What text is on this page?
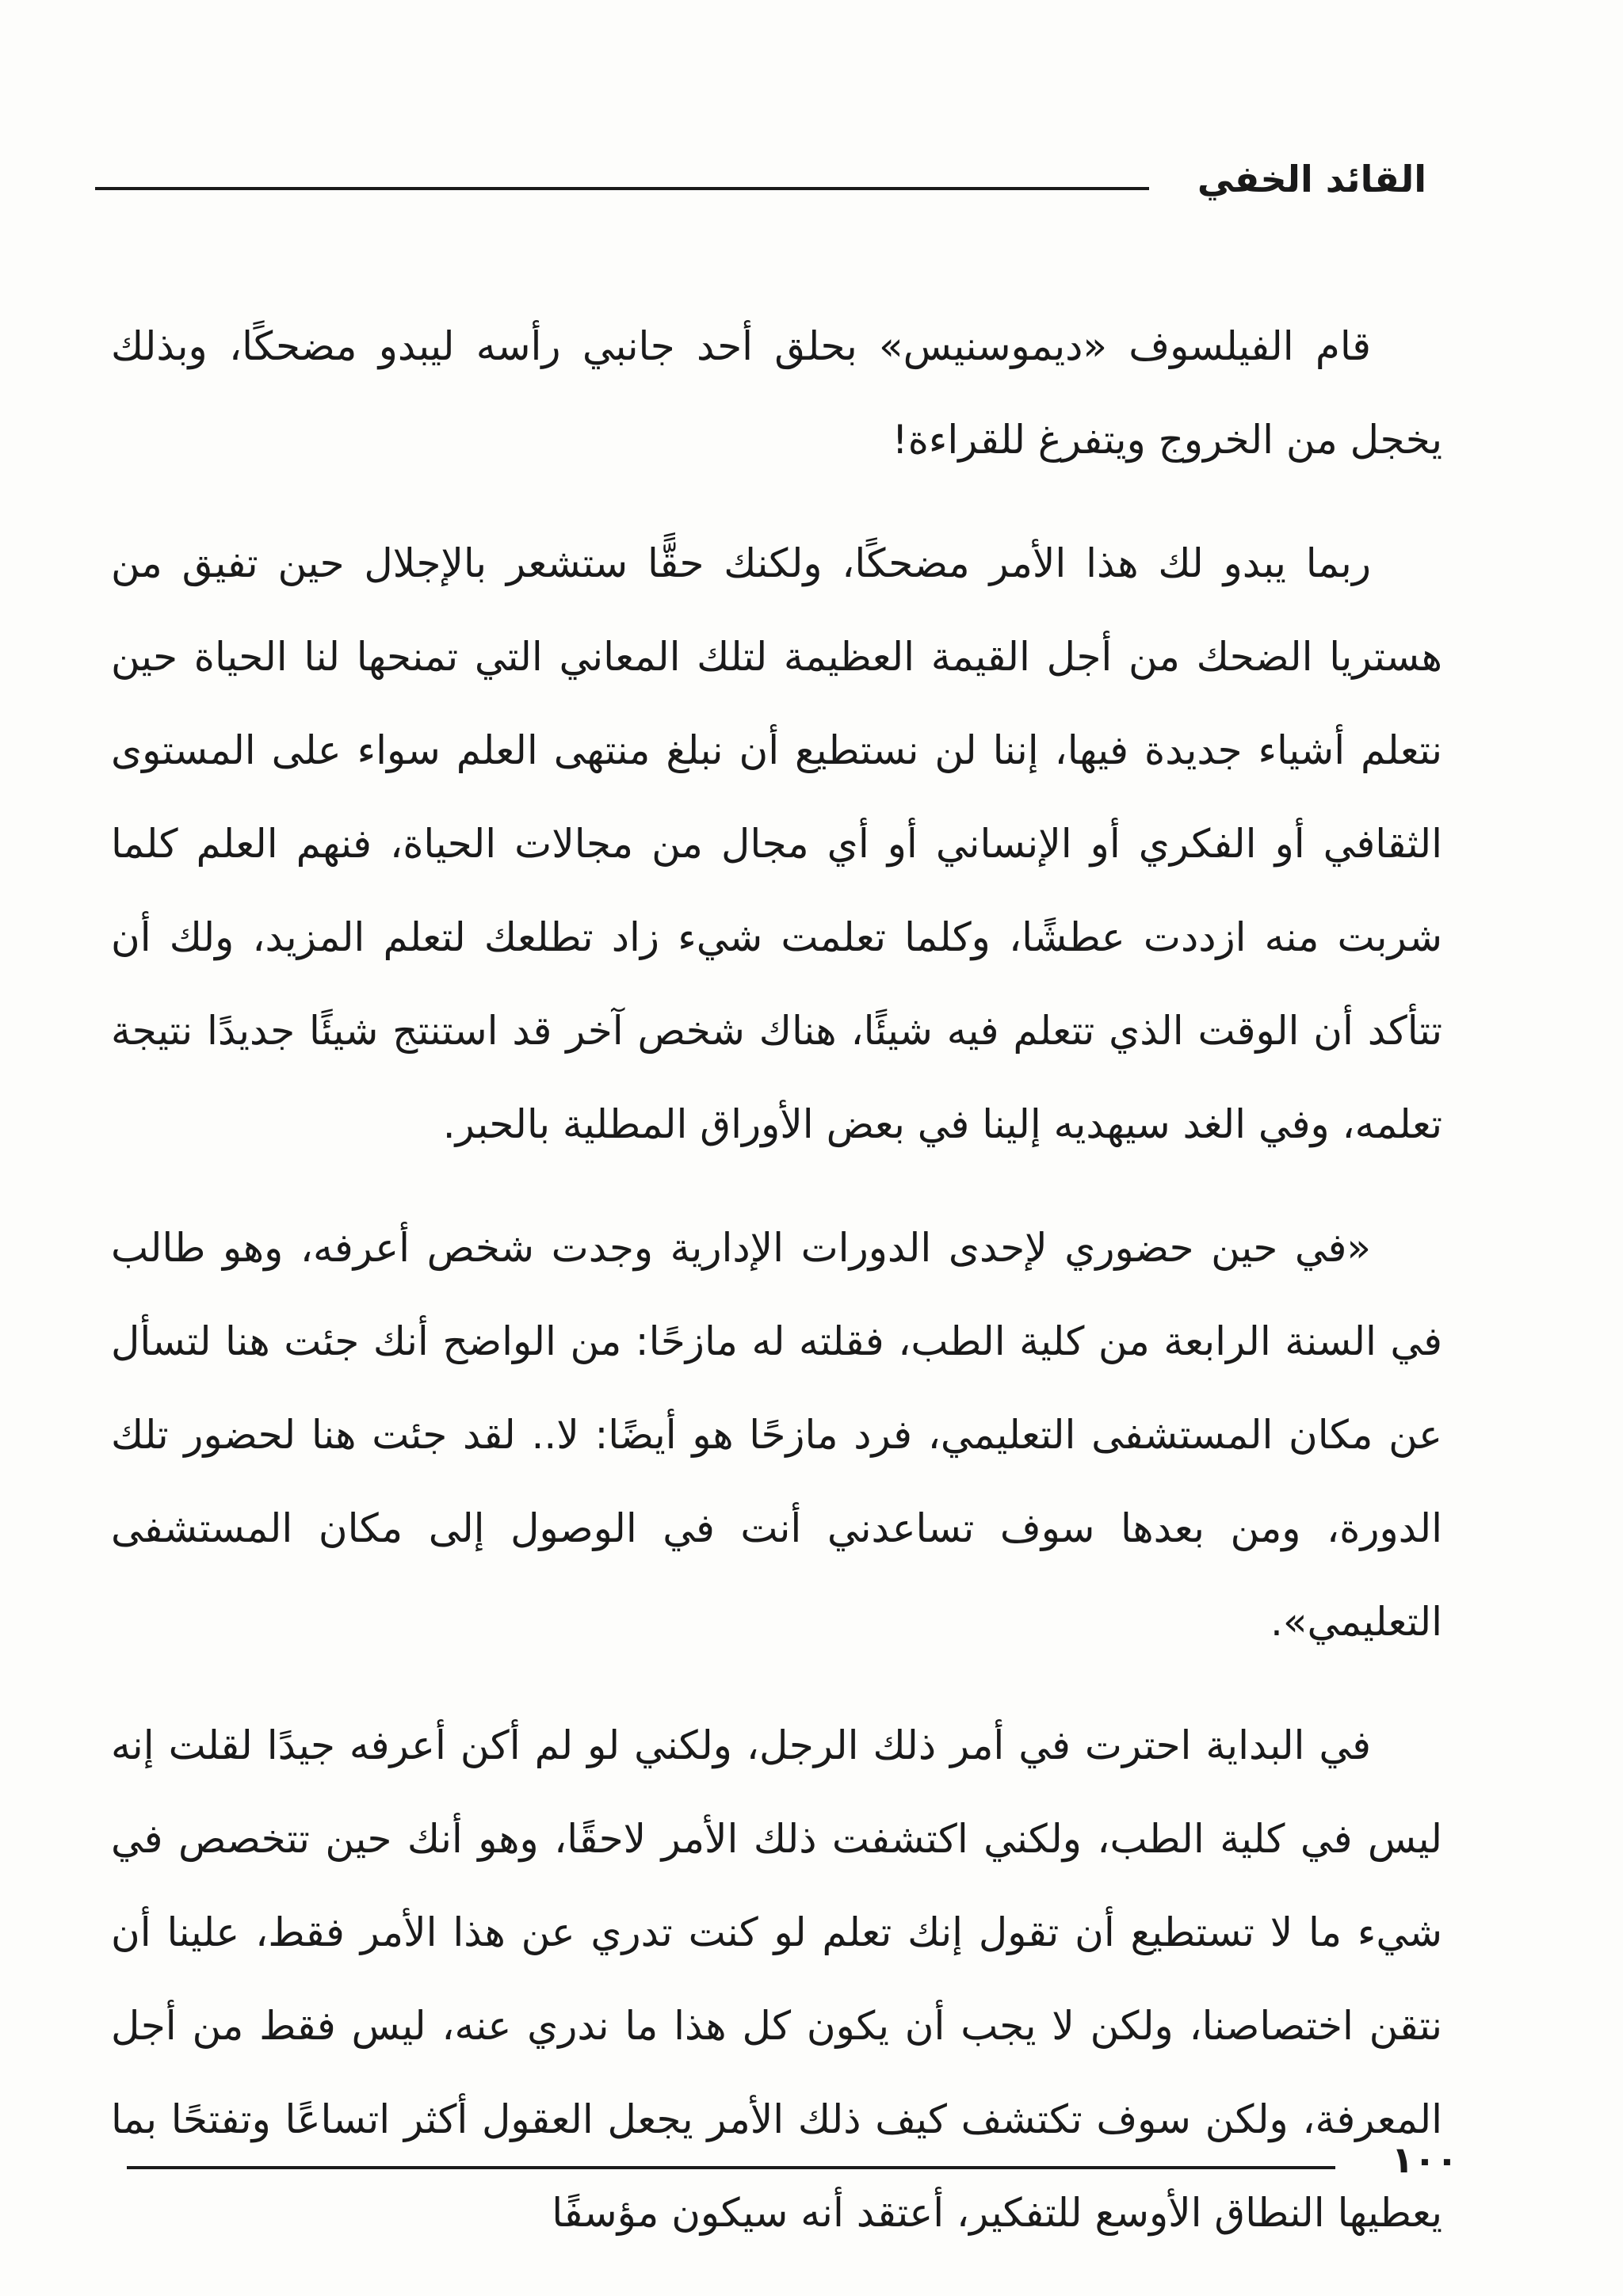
القائد الخفي

قام الفيلسوف «ديموسنيس» بحلق أحد جانبي رأسه ليبدو مضحكًا، وبذلك يخجل من الخروج ويتفرغ للقراءة!

ربما يبدو لك هذا الأمر مضحكًا، ولكنك حقًّا ستشعر بالإجلال حين تفيق من هستريا الضحك من أجل القيمة العظيمة لتلك المعاني التي تمنحها لنا الحياة حين نتعلم أشياء جديدة فيها، إننا لن نستطيع أن نبلغ منتهى العلم سواء على المستوى الثقافي أو الفكري أو الإنساني أو أي مجال من مجالات الحياة، فنهم العلم كلما شربت منه ازددت عطشًا، وكلما تعلمت شيء زاد تطلعك لتعلم المزيد، ولك أن تتأكد أن الوقت الذي تتعلم فيه شيئًا، هناك شخص آخر قد استنتج شيئًا جديدًا نتيجة تعلمه، وفي الغد سيهديه إلينا في بعض الأوراق المطلية بالحبر.

«في حين حضوري لإحدى الدورات الإدارية وجدت شخص أعرفه، وهو طالب في السنة الرابعة من كلية الطب، فقلته له مازحًا: من الواضح أنك جئت هنا لتسأل عن مكان المستشفى التعليمي، فرد مازحًا هو أيضًا: لا.. لقد جئت هنا لحضور تلك الدورة، ومن بعدها سوف تساعدني أنت في الوصول إلى مكان المستشفى التعليمي».

في البداية احترت في أمر ذلك الرجل، ولكني لو لم أكن أعرفه جيدًا لقلت إنه ليس في كلية الطب، ولكني اكتشفت ذلك الأمر لاحقًا، وهو أنك حين تتخصص في شيء ما لا تستطيع أن تقول إنك تعلم لو كنت تدري عن هذا الأمر فقط، علينا أن نتقن اختصاصنا، ولكن لا يجب أن يكون كل هذا ما ندري عنه، ليس فقط من أجل المعرفة، ولكن سوف تكتشف كيف ذلك الأمر يجعل العقول أكثر اتساعًا وتفتحًا بما يعطيها النطاق الأوسع للتفكير، أعتقد أنه سيكون مؤسفًا

١٠٠
